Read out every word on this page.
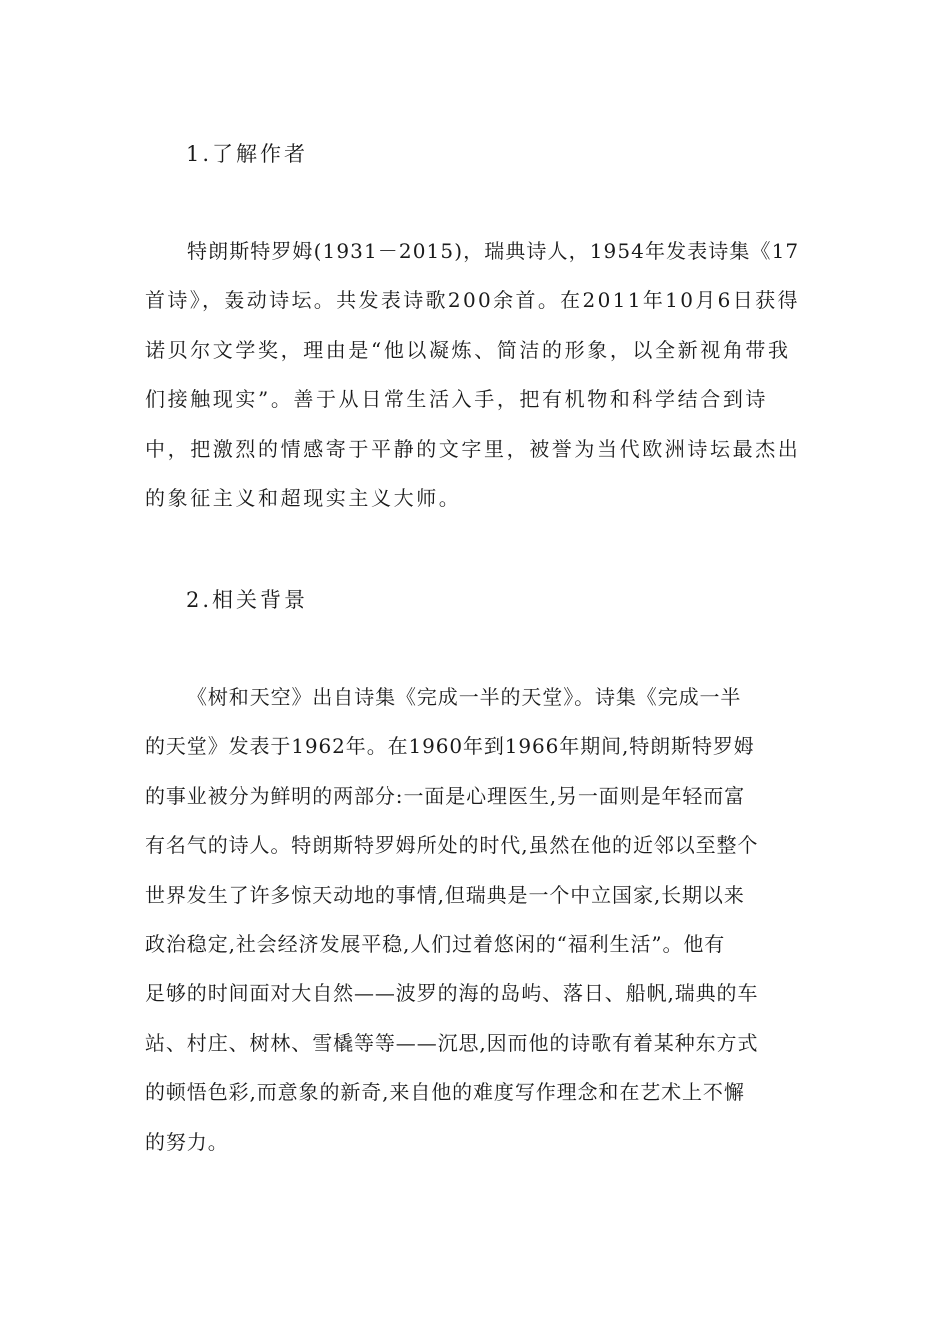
1.了解作者
特朗斯特罗姆(1931－2015)，瑞典诗人，1954年发表诗集《17
首诗》，轰动诗坛。共发表诗歌200余首。在2011年10月6日获得
诺贝尔文学奖，理由是“他以凝炼、简洁的形象，以全新视角带我
们接触现实”。善于从日常生活入手，把有机物和科学结合到诗
中，把激烈的情感寄于平静的文字里，被誉为当代欧洲诗坛最杰出
的象征主义和超现实主义大师。
2.相关背景
《树和天空》出自诗集《完成一半的天堂》。诗集《完成一半
的天堂》发表于1962年。在1960年到1966年期间,特朗斯特罗姆
的事业被分为鲜明的两部分:一面是心理医生,另一面则是年轻而富
有名气的诗人。特朗斯特罗姆所处的时代,虽然在他的近邻以至整个
世界发生了许多惊天动地的事情,但瑞典是一个中立国家,长期以来
政治稳定,社会经济发展平稳,人们过着悠闲的“福利生活”。他有
足够的时间面对大自然——波罗的海的岛屿、落日、船帆,瑞典的车
站、村庄、树林、雪橇等等——沉思,因而他的诗歌有着某种东方式
的顿悟色彩,而意象的新奇,来自他的难度写作理念和在艺术上不懈
的努力。
